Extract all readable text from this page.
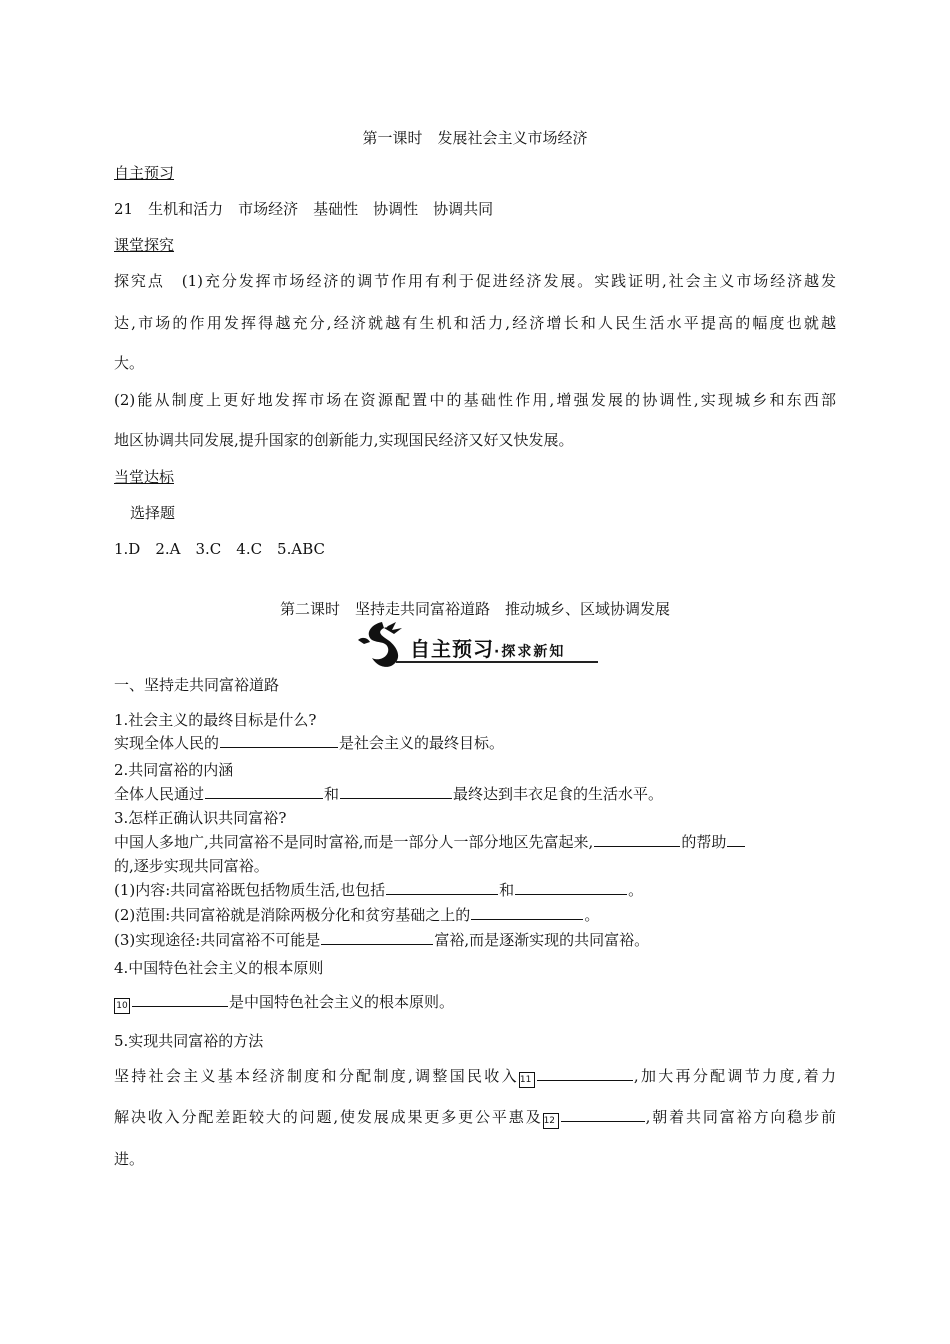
第一课时　发展社会主义市场经济
自主预习
21　生机和活力　市场经济　基础性　协调性　协调共同
课堂探究
探究点　(1)充分发挥市场经济的调节作用有利于促进经济发展。实践证明,社会主义市场经济越发
达,市场的作用发挥得越充分,经济就越有生机和活力,经济增长和人民生活水平提高的幅度也就越
大。
(2)能从制度上更好地发挥市场在资源配置中的基础性作用,增强发展的协调性,实现城乡和东西部
地区协调共同发展,提升国家的创新能力,实现国民经济又好又快发展。
当堂达标
选择题
1.D　2.A　3.C　4.C　5.ABC
第二课时　坚持走共同富裕道路　推动城乡、区域协调发展
自主预习·探求新知
一、坚持走共同富裕道路
1.社会主义的最终目标是什么?
实现全体人民的	是社会主义的最终目标。
2.共同富裕的内涵
全体人民通过	和	最终达到丰衣足食的生活水平。
3.怎样正确认识共同富裕?
中国人多地广,共同富裕不是同时富裕,而是一部分人一部分地区先富起来,	的帮助
的,逐步实现共同富裕。
(1)内容:共同富裕既包括物质生活,也包括	和	。
(2)范围:共同富裕就是消除两极分化和贫穷基础之上的	。
(3)实现途径:共同富裕不可能是	富裕,而是逐渐实现的共同富裕。
4.中国特色社会主义的根本原则
10	是中国特色社会主义的根本原则。
5.实现共同富裕的方法
坚持社会主义基本经济制度和分配制度,调整国民收入11	,加大再分配调节力度,着力
解决收入分配差距较大的问题,使发展成果更多更公平惠及12	,朝着共同富裕方向稳步前
进。
